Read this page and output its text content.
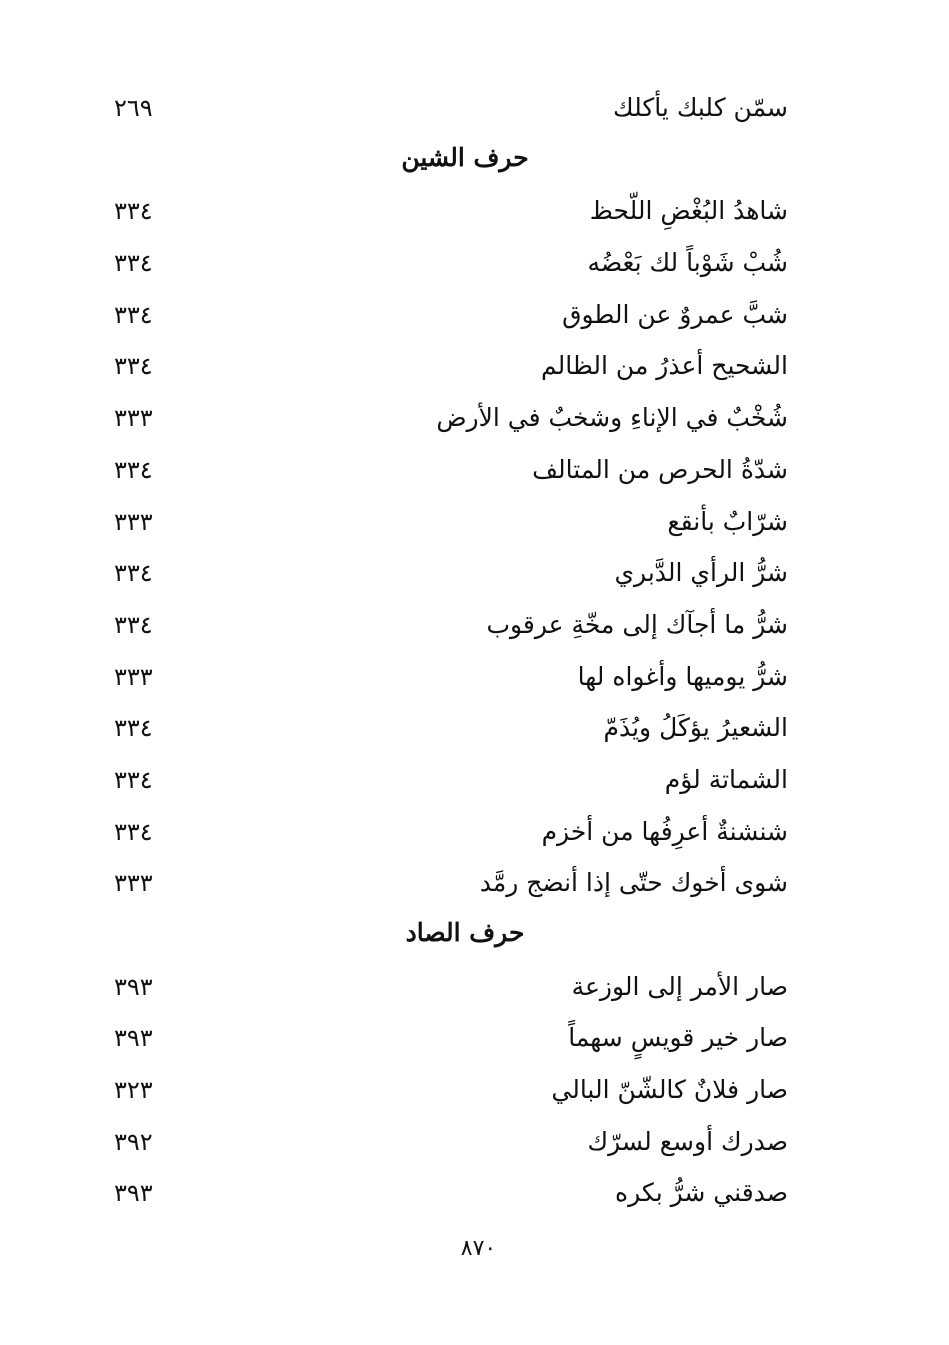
سمّن كلبك يأكلك
٢٦٩
حرف الشين
شاهدُ البُغْضِ اللّحظ
٣٣٤
شُبْ شَوْباً لك بَعْضُه
٣٣٤
شبَّ عمروٌ عن الطوق
٣٣٤
الشحيح أعذرُ من الظالم
٣٣٤
شُخْبٌ في الإناءِ وشخبٌ في الأرض
٣٣٣
شدّةُ الحرص من المتالف
٣٣٤
شرّابٌ بأنقع
٣٣٣
شرُّ الرأي الدَّبري
٣٣٤
شرُّ ما أجآك إلى مخّةِ عرقوب
٣٣٤
شرُّ يوميها وأغواه لها
٣٣٣
الشعيرُ يؤكَلُ ويُذَمّ
٣٣٤
الشماتة لؤم
٣٣٤
شنشنةٌ أعرِفُها من أخزم
٣٣٤
شوى أخوك حتّى إذا أنضج رمَّد
٣٣٣
حرف الصاد
صار الأمر إلى الوزعة
٣٩٣
صار خير قويسٍ سهماً
٣٩٣
صار فلانٌ كالشّنّ البالي
٣٢٣
صدرك أوسع لسرّك
٣٩٢
صدقني شرُّ بكره
٣٩٣
٨٧٠
